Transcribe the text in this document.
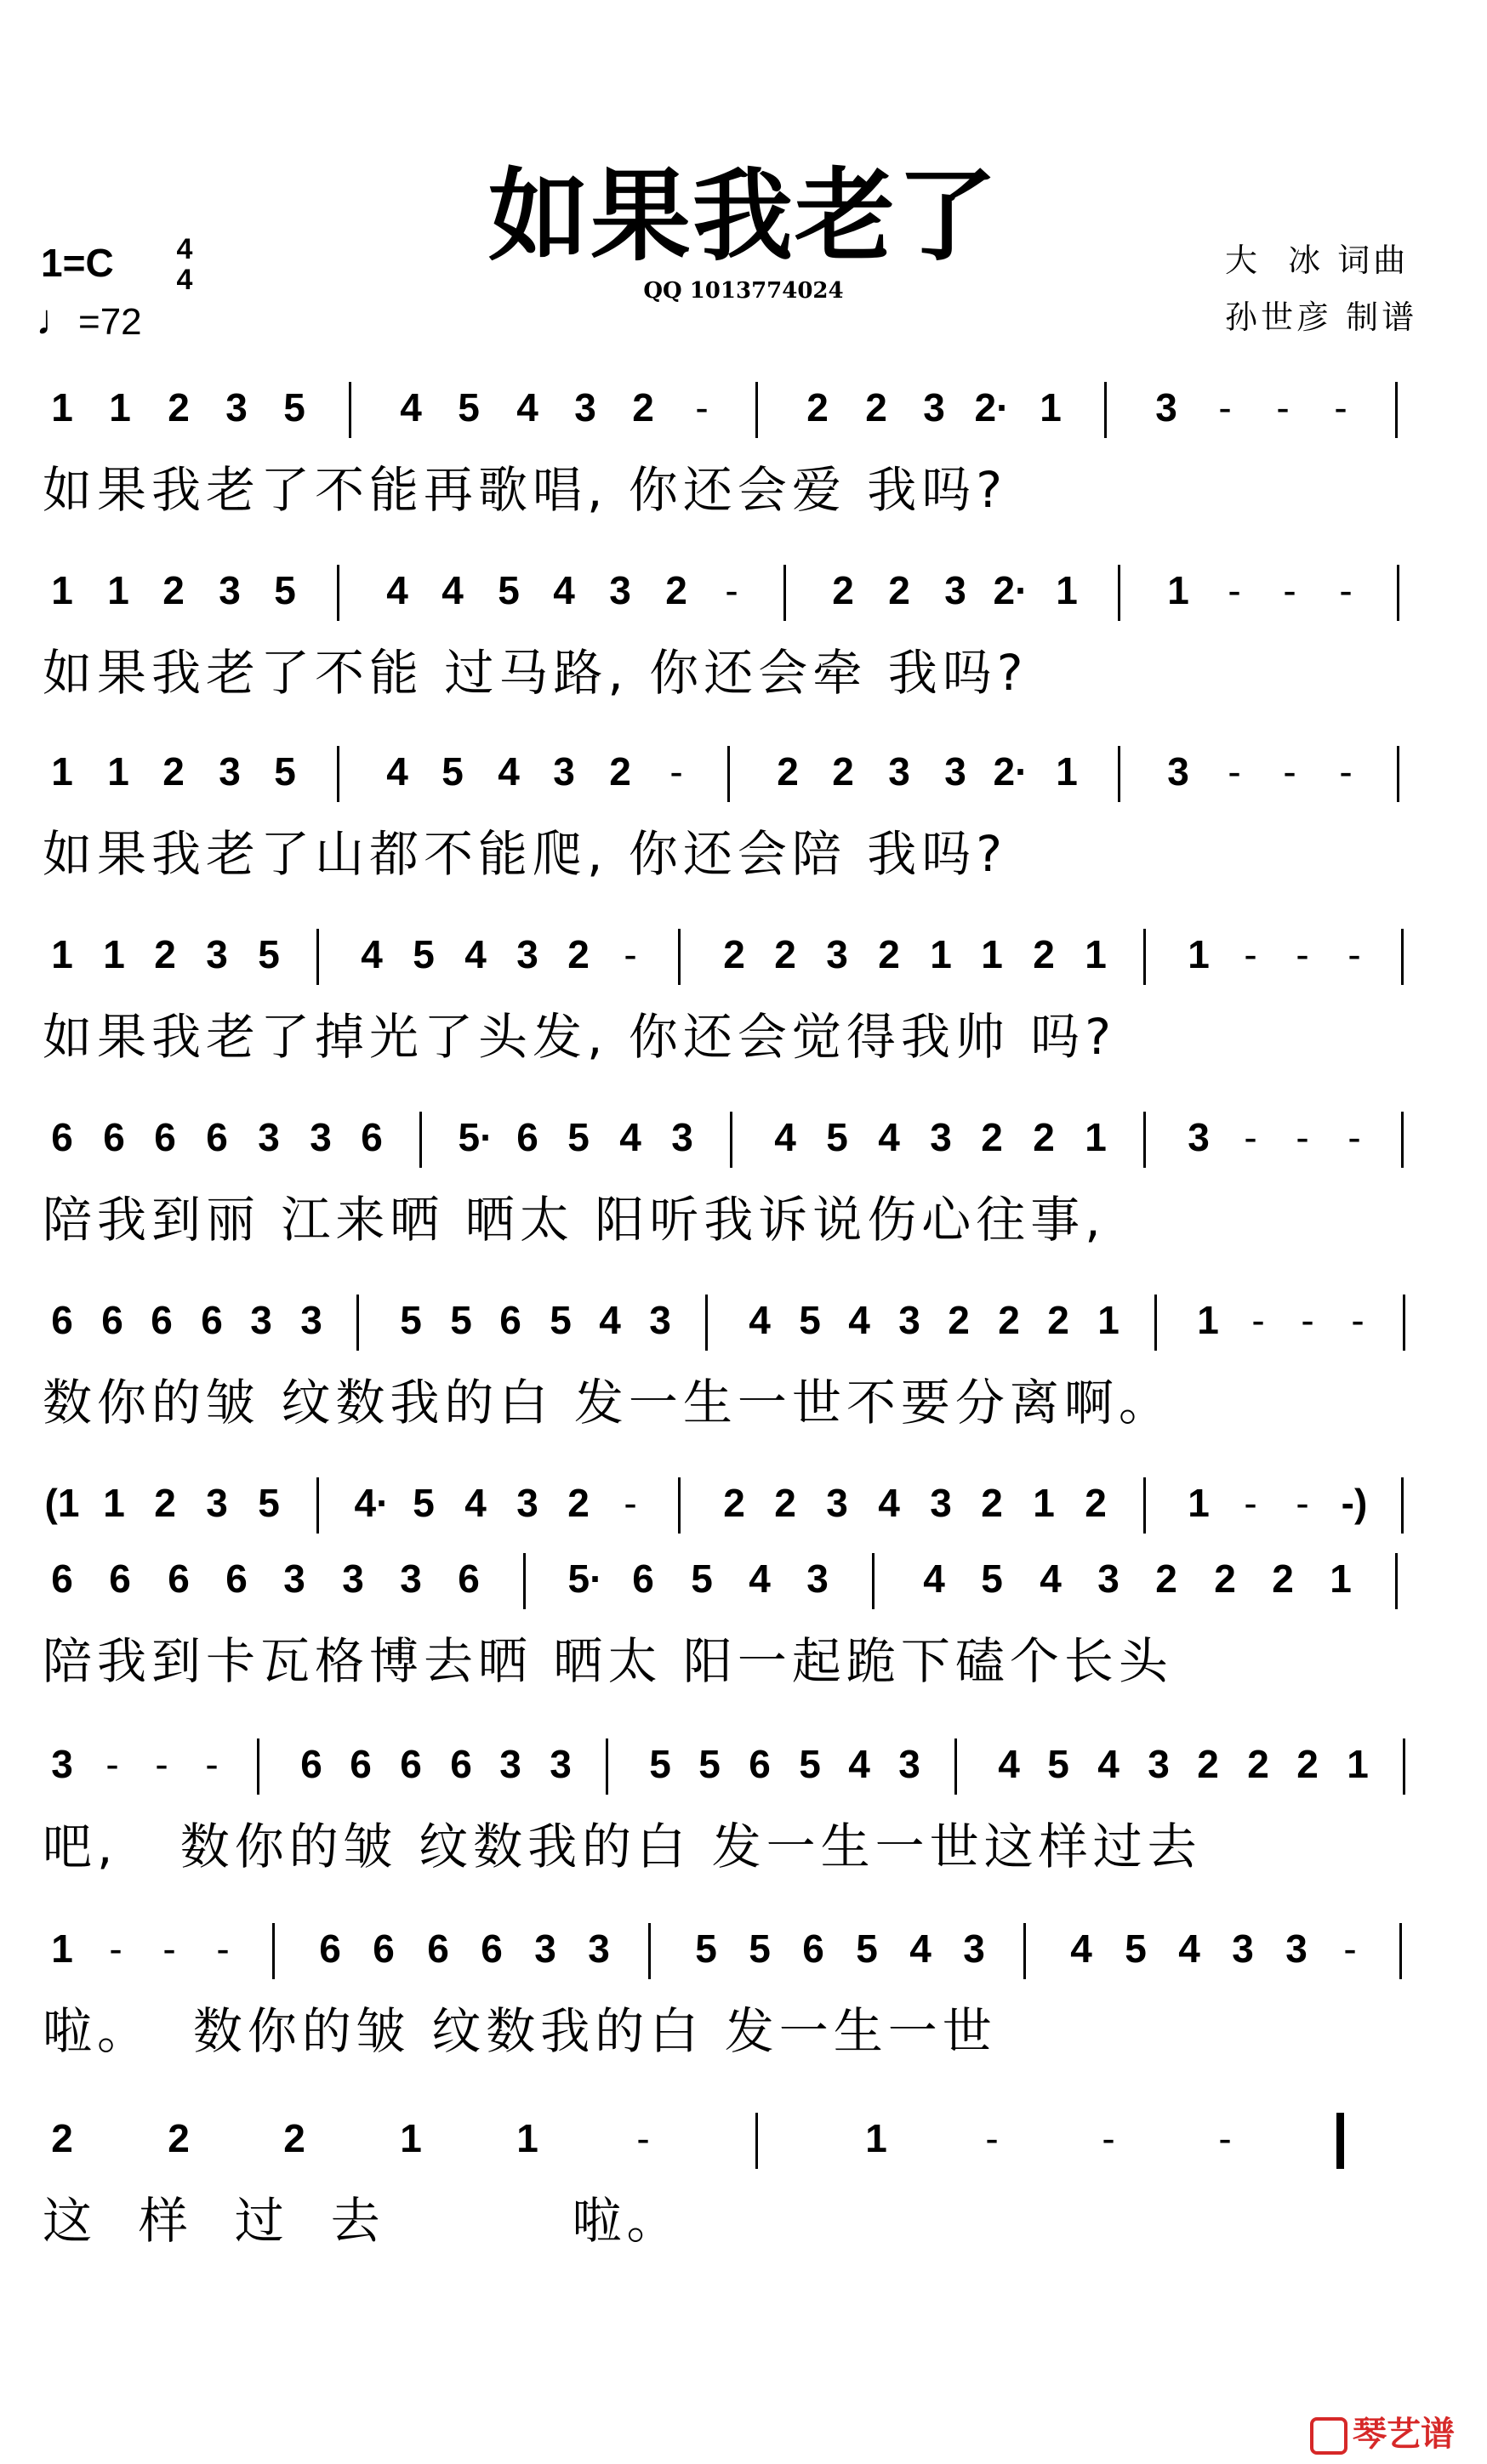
如果我老了
QQ 1013774024
1=C 4
4
♩=72
大  冰 词曲
孙世彦 制谱
1 1 2 3 5 4 5 4 3 2	-	2 2 3 2· 1 3	-	-	-
如果我老了不能再歌唱, 你还会爱 我吗?
1 1 2 3 5 4 4 5 4 3 2 -	2 2 3 2· 1 1 -	-	-
如果我老了不能 过马路, 你还会牵 我吗?
1 1 2 3 5 4 5 4 3 2 -	2 2 3 3 2· 1 3 -	-	-
如果我老了山都不能爬, 你还会陪 我吗?
1 1 2 3 5 4 5 4 3 2 -	2 2 3 2 1 1 2 1 1 - - -
如果我老了掉光了头发, 你还会觉得我帅 吗?
6 6 6 6 3 3 6 5· 6 5 4 3 4 5 4 3 2 2 1 3 - - -
陪我到丽 江来晒 晒太 阳听我诉说伤心往事,
6 6 6 6 3 3 5 5 6 5 4 3 4 5 4 3 2 2 2 1 1 - - -
数你的皱 纹数我的白 发一生一世不要分离啊。
(1 1 2 3 5 4· 5 4 3 2 -	2 2 3 4 3 2 1 2 1 - - -)
6 6 6 6 3 3 3 6 5· 6 5 4 3 4 5 4 3 2 2 2 1
陪我到卡瓦格博去晒 晒太 阳一起跪下磕个长头
3 - - -	6 6 6 6 3 3 5 5 6 5 4 3 4 5 4 3 2 2 2 1
吧,   数你的皱 纹数我的白 发一生一世这样过去
1 -	-	-	6 6 6 6 3 3 5 5 6 5 4 3 4 5 4 3 3 -
啦。  数你的皱 纹数我的白 发一生一世
2 2 2 1 1	-	1	-	-	-
这  样  过  去         啦。
琴艺谱
